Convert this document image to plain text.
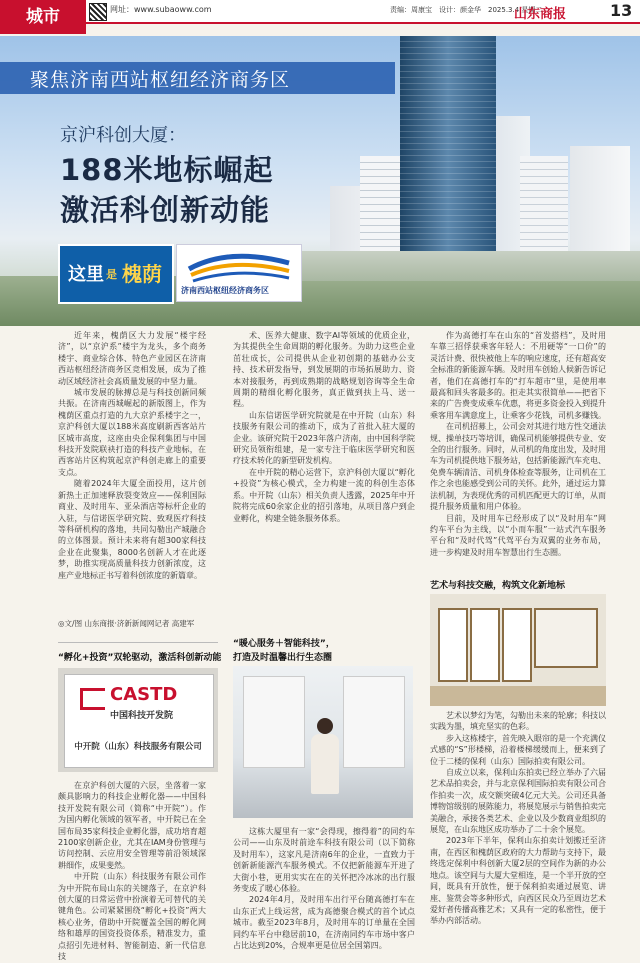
城市	网址：www.subaoww.com	责编：周康宝　设计：颜金华　2025.3.4 星期二
山东商报	13
聚焦济南西站枢纽经济商务区
京沪科创大厦：
188米地标崛起
激活科创新动能
这里 是 槐荫
济南西站枢纽经济商务区

近年来，槐荫区大力发展“楼宇经济”，以“京沪系”楼宇为龙头，多个商务楼宇、商业综合体、特色产业园区在济南西站枢纽经济商务区竞相发展，成为了推动区域经济社会高质量发展的中坚力量。

城市发展的脉搏总是与科技创新同频共振。在济南西城崛起的新版图上，作为槐荫区重点打造的九大京沪系楼宇之一，京沪科创大厦以188米高度刷新西客站片区城市高度，这座由央企保利集团与中国科技开发院联袂打造的科技产业地标，在西客站片区构筑起京沪科创走廊上的重要支点。

随着2024年大厦全面投用，这片创新热土正加速释放裂变效应——保利国际商业、及时用车、亚朵酒店等标杆企业的入驻，与信诺医学研究院、致观医疗科技等科研机构的落地，共同勾勒出产城融合的立体图景。预计未来将有超300家科技企业在此聚集，8000名创新人才在此逐梦，助推实现高质量科技力创新浓度，这座产业地标正书写着科创浓度的新篇章。

◎文/图 山东商报·济新新闻网记者 高建军
“孵化+投资”双轮驱动，激活科创新动能
CASTD
中国科技开发院
中开院（山东）科技服务有限公司

在京沪科创大厦的六层，坐落着一家颇具影响力的科技企业孵化器——中国科技开发院有限公司（简称“中开院”）。作为国内孵化领域的领军者，中开院已在全国布局35家科技企业孵化器，成功培育超2100家创新企业，尤其在IAM身份管理与访问控制、云应用安全管理等前沿领域深耕细作，成果斐然。

中开院（山东）科技服务有限公司作为中开院布局山东的关键落子，在京沪科创大厦的日常运营中扮演着无可替代的关键角色。公司紧紧围绕“孵化+投资”两大核心业务，借助中开院覆盖全国的孵化网络和雄厚的国资投资体系，精准发力，重点招引先进材料、智能制造、新一代信息技

术、医养大健康、数字AI等领域的优质企业，为其提供全生命周期的孵化服务。为助力这些企业茁壮成长，公司提供从企业初创期的基础办公支持、技术研发指导，到发展期的市场拓展助力、资本对接服务，再到成熟期的战略规划咨询等全生命周期的精细化孵化服务，真正做到扶上马、送一程。

山东信诺医学研究院就是在中开院（山东）科技服务有限公司的推动下，成为了首批入驻大厦的企业。该研究院于2023年落户济南，由中国科学院研究员领衔组建，是一家专注于临床医学研究和医疗技术转化的新型研发机构。

在中开院的精心运营下，京沪科创大厦以“孵化+投资”为核心模式，全力构建一流的科创生态体系。中开院（山东）相关负责人透露，2025年中开院将完成60余家企业的招引落地，从项目落户到企业孵化，构建全链条服务体系。

“暖心服务＋智能科技”，
打造及时温馨出行生态圈

这栋大厦里有一家“会得现，擦得着”的同约车公司——山东及时前途车科技有限公司（以下简称及时用车），这家凡是济南6年的企业，一直致力于创新新能源汽车服务模式。不仅把新能源车开进了大街小巷，更用实实在在的关怀把冷冰冰的出行服务变成了暖心体验。

2024年4月，及时用车出行平台随高德打车在山东正式上线运营，成为高德聚合模式的首个试点城市。截至2023年8月，及时用车的订单量在全国同约车平台中稳居前10，在济南同约车市场中客户占比达到20%，合规率更是位居全国第四。

作为高德打车在山东的“首发搭档”，及时用车靠三招俘获乘客年轻人：不用硬等“一口价”的灵活计费、很快被他上车的响应速度，还有超高安全标准的新能源车辆。及时用车创始人候新告诉记者，他们在高德打车的“打车超市”里，是使用率最高和回头客最多的。拒走其实很简单——把省下来的广告费变成乘车优惠，将更多资金投入到提升乘客用车满意度上，让乘客少花钱，司机多赚钱。

在司机招募上，公司会对其进行地方性交通法规、操单技巧等培训，确保司机能够提供专业、安全的出行服务。同时，从司机的角度出发，及时用车为司机提供地下服务站，包括新能源汽车充电、免费车辆清洁、司机身体检查等服务，让司机在工作之余也能感受到公司的关怀。此外，通过运力算法机制，为表现优秀的司机匹配更大的订单，从而提升服务质量和用户体验。

目前，及时用车已经形成了以“及时用车”网约车平台为主线，以“小而车服”一站式汽车服务平台和“及时代驾”代驾平台为双翼的业务布局，进一步构建及时用车智慧出行生态圈。

艺术与科技交融，构筑文化新地标

艺术以梦幻为笔，勾勒出未来的轮廓；科技以实践为墨，填充坚实的色彩。

步入这栋楼宇，首先映入眼帘的是一个充满仪式感的“S”形楼梯，沿着楼梯缓缓而上，便来到了位于二楼的保利（山东）国际拍卖有限公司。

自成立以来，保利山东拍卖已经立举办了六届艺术品拍卖会，并与北京保利国际拍卖有限公司合作拍卖一次，成交额突破4亿元大关。公司还具备博物馆级别的展陈能力，将展览展示与销售拍卖完美融合，承接各类艺术、企业以及少数商业组织的展览，在山东地区成功举办了二十余个展览。

2023年下半年，保利山东拍卖计划搬迁至济南，在西区和槐荫区政府的大力帮助与支持下，最终选定保利中科创新大厦2层的空间作为新的办公地点。该空间与大厦大堂相连，是一个半开放的空间，既具有开放性，便于保利拍卖通过展览、讲座、鉴赏会等多种形式，向西区民众乃至周边艺术爱好者传播高雅艺术；又具有一定的私密性，便于举办内部活动。
